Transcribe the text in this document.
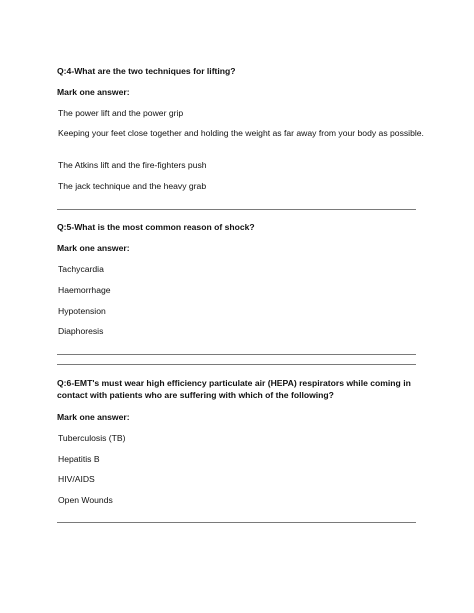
Q:4-What are the two techniques for lifting?
Mark one answer:
The power lift and the power grip
Keeping your feet close together and holding the weight as far away from your body as possible.
The Atkins lift and the fire-fighters push
The jack technique and the heavy grab
Q:5-What is the most common reason of shock?
Mark one answer:
Tachycardia
Haemorrhage
Hypotension
Diaphoresis
Q:6-EMT's must wear high efficiency particulate air (HEPA) respirators while coming in contact with patients who are suffering with which of the following?
Mark one answer:
Tuberculosis (TB)
Hepatitis B
HIV/AIDS
Open Wounds
